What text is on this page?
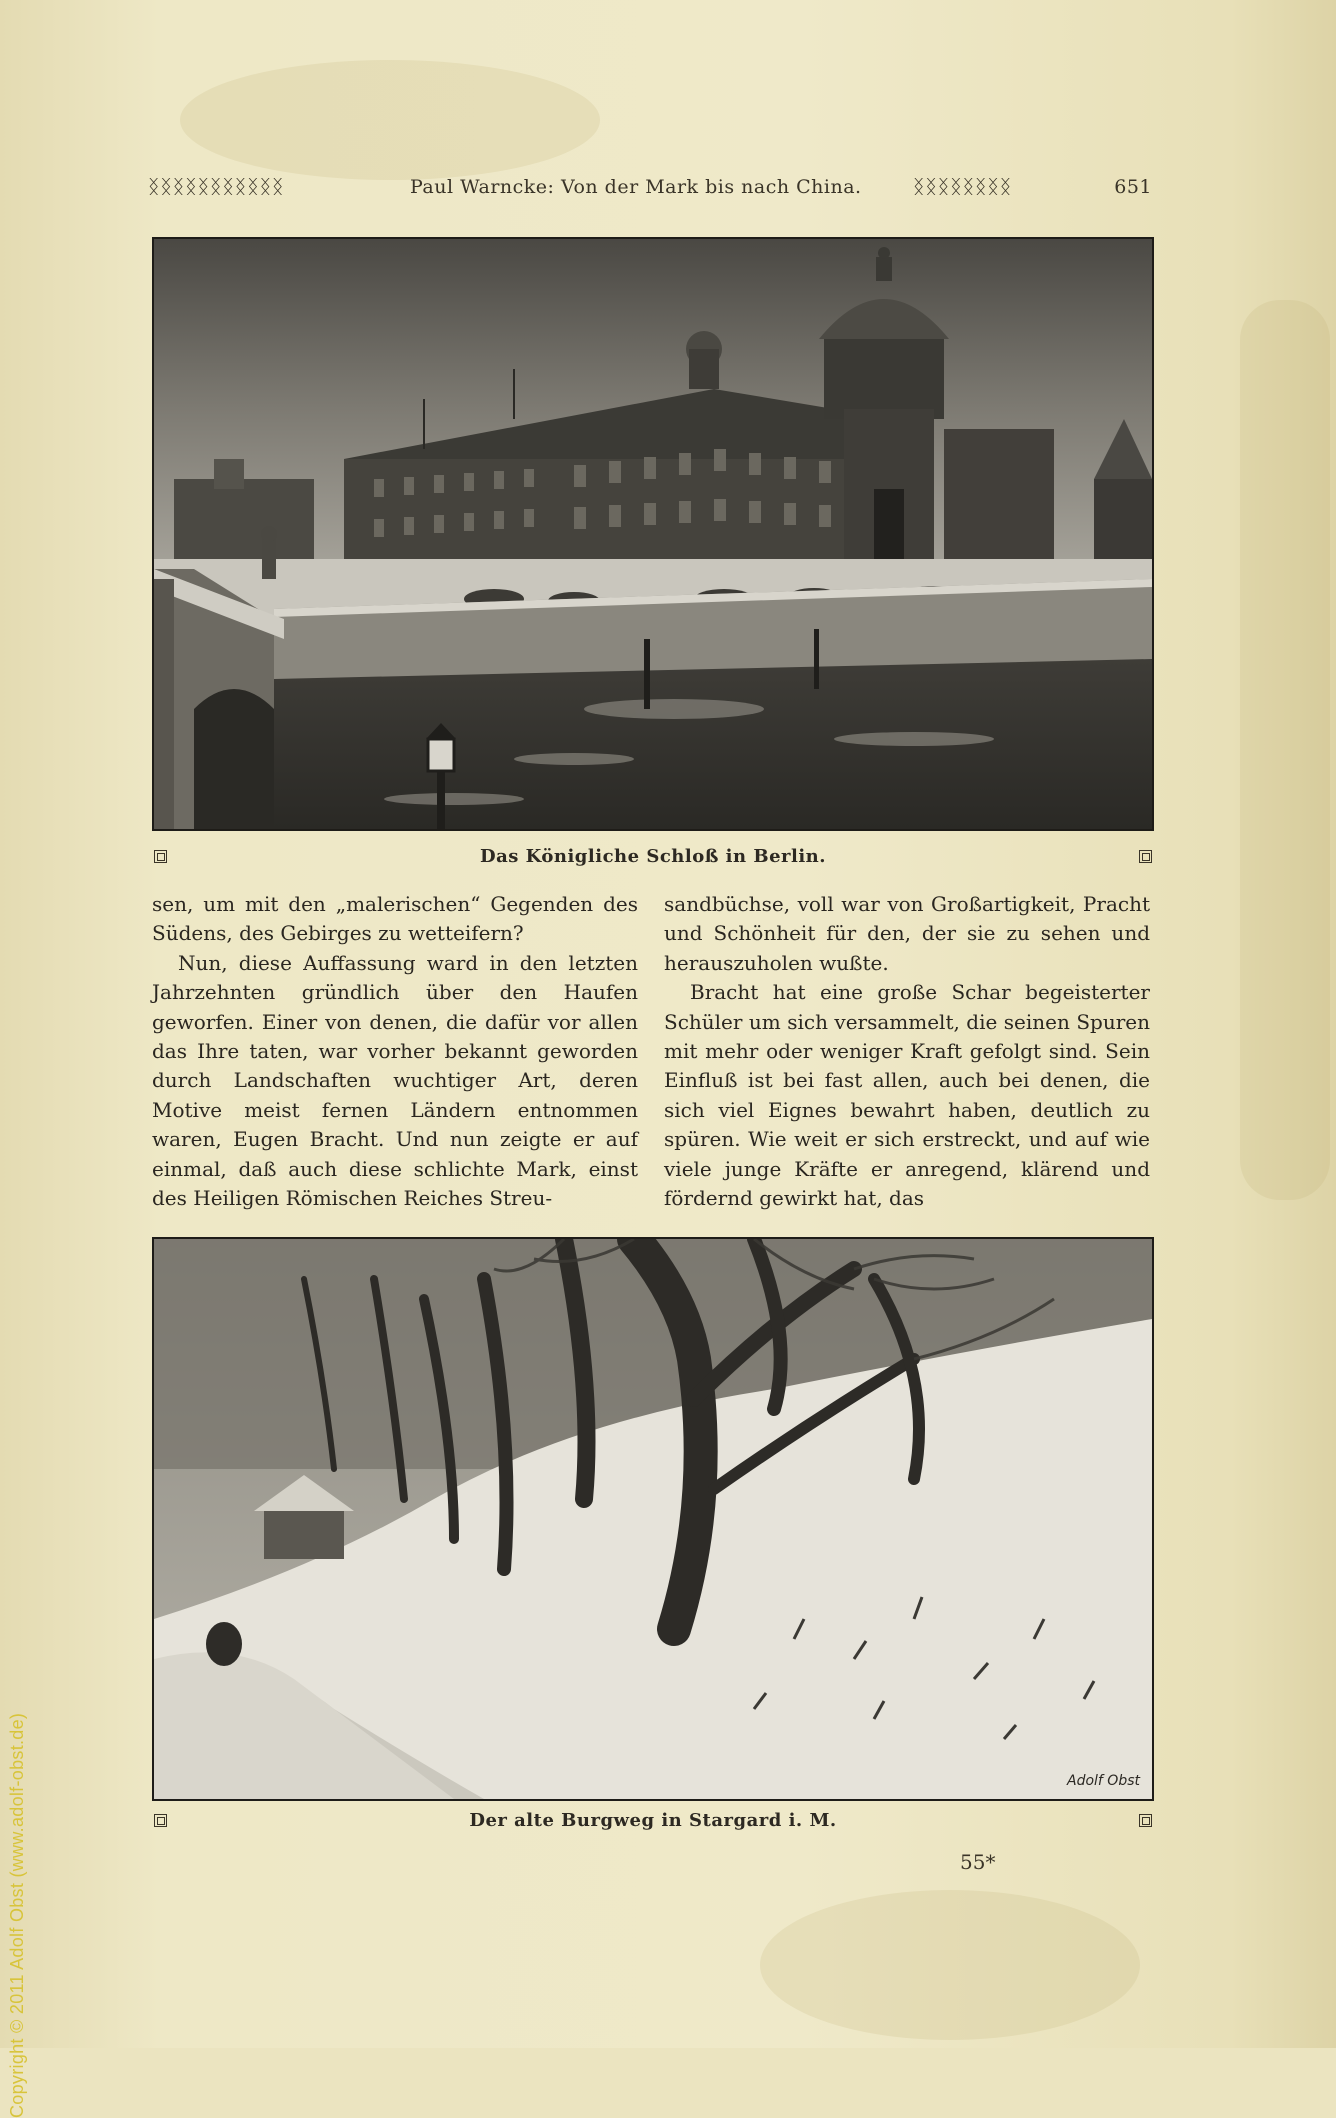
ᛝᛝᛝᛝᛝᛝᛝᛝᛝᛝᛝ	Paul Warncke: Von der Mark bis nach China.	ᛝᛝᛝᛝᛝᛝᛝᛝ	651
Das Königliche Schloß in Berlin.

sen, um mit den „malerischen“ Gegenden des Südens, des Gebirges zu wetteifern?

Nun, diese Auffassung ward in den letzten Jahrzehnten gründlich über den Haufen geworfen. Einer von denen, die dafür vor allen das Ihre taten, war vorher bekannt geworden durch Landschaften wuchtiger Art, deren Motive meist fernen Ländern entnommen waren, Eugen Bracht. Und nun zeigte er auf einmal, daß auch diese schlichte Mark, einst des Heiligen Römischen Reiches Streu-

sandbüchse, voll war von Großartigkeit, Pracht und Schönheit für den, der sie zu sehen und herauszuholen wußte.

Bracht hat eine große Schar begeisterter Schüler um sich versammelt, die seinen Spuren mit mehr oder weniger Kraft gefolgt sind. Sein Einfluß ist bei fast allen, auch bei denen, die sich viel Eignes bewahrt haben, deutlich zu spüren. Wie weit er sich erstreckt, und auf wie viele junge Kräfte er anregend, klärend und fördernd gewirkt hat, das

Adolf Obst
Der alte Burgweg in Stargard i. M.
55*
Copyright © 2011 Adolf Obst (www.adolf-obst.de)
